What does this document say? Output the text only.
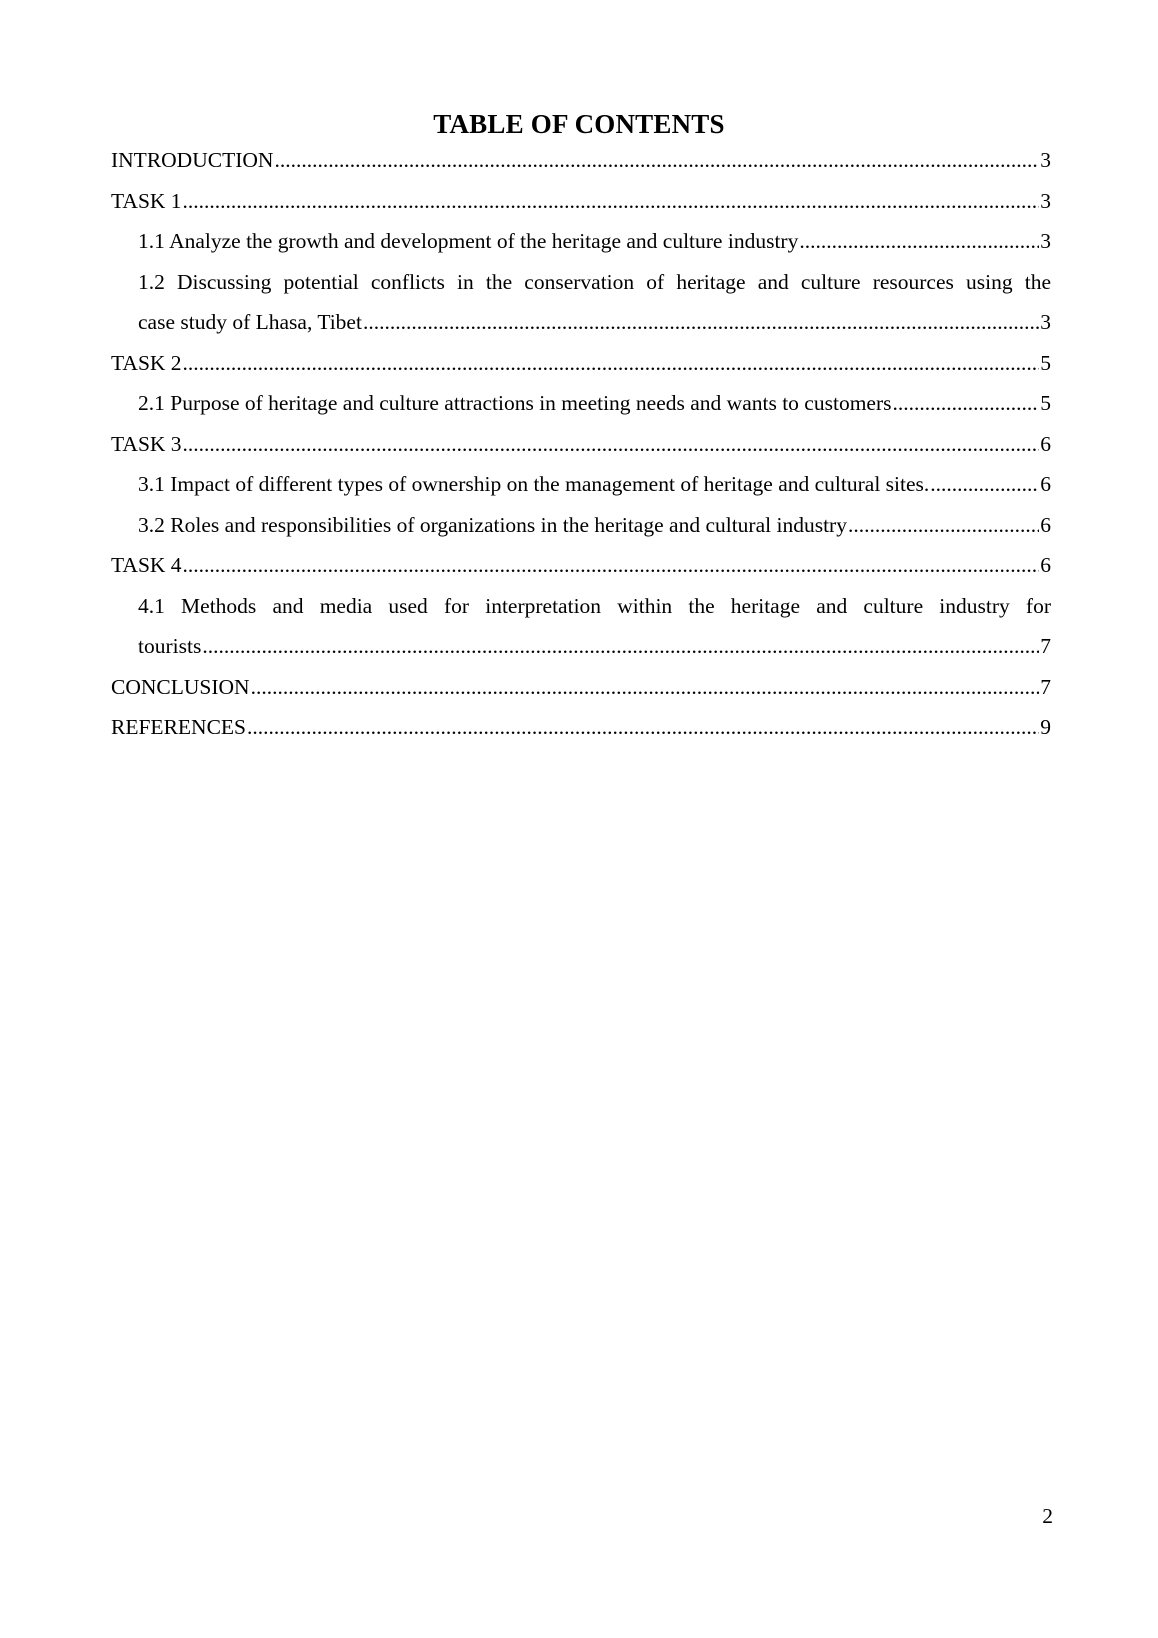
TABLE OF CONTENTS
INTRODUCTION .....	3
TASK 1 .....	3
1.1 Analyze the growth and development of the heritage and culture industry .....	3
1.2 Discussing potential conflicts in the conservation of heritage and culture resources using the
case study of Lhasa, Tibet .....	3
TASK 2 .....	5
2.1 Purpose of heritage and culture attractions in meeting needs and wants to customers .....	5
TASK 3 .....	6
3.1 Impact of different types of ownership on the management of heritage and cultural sites. .....	6
3.2 Roles and responsibilities of organizations in the heritage and cultural industry .....	6
TASK 4 .....	6
4.1 Methods and media used for interpretation within the heritage and culture industry for
tourists .....	7
CONCLUSION .....	7
REFERENCES .....	9
2
